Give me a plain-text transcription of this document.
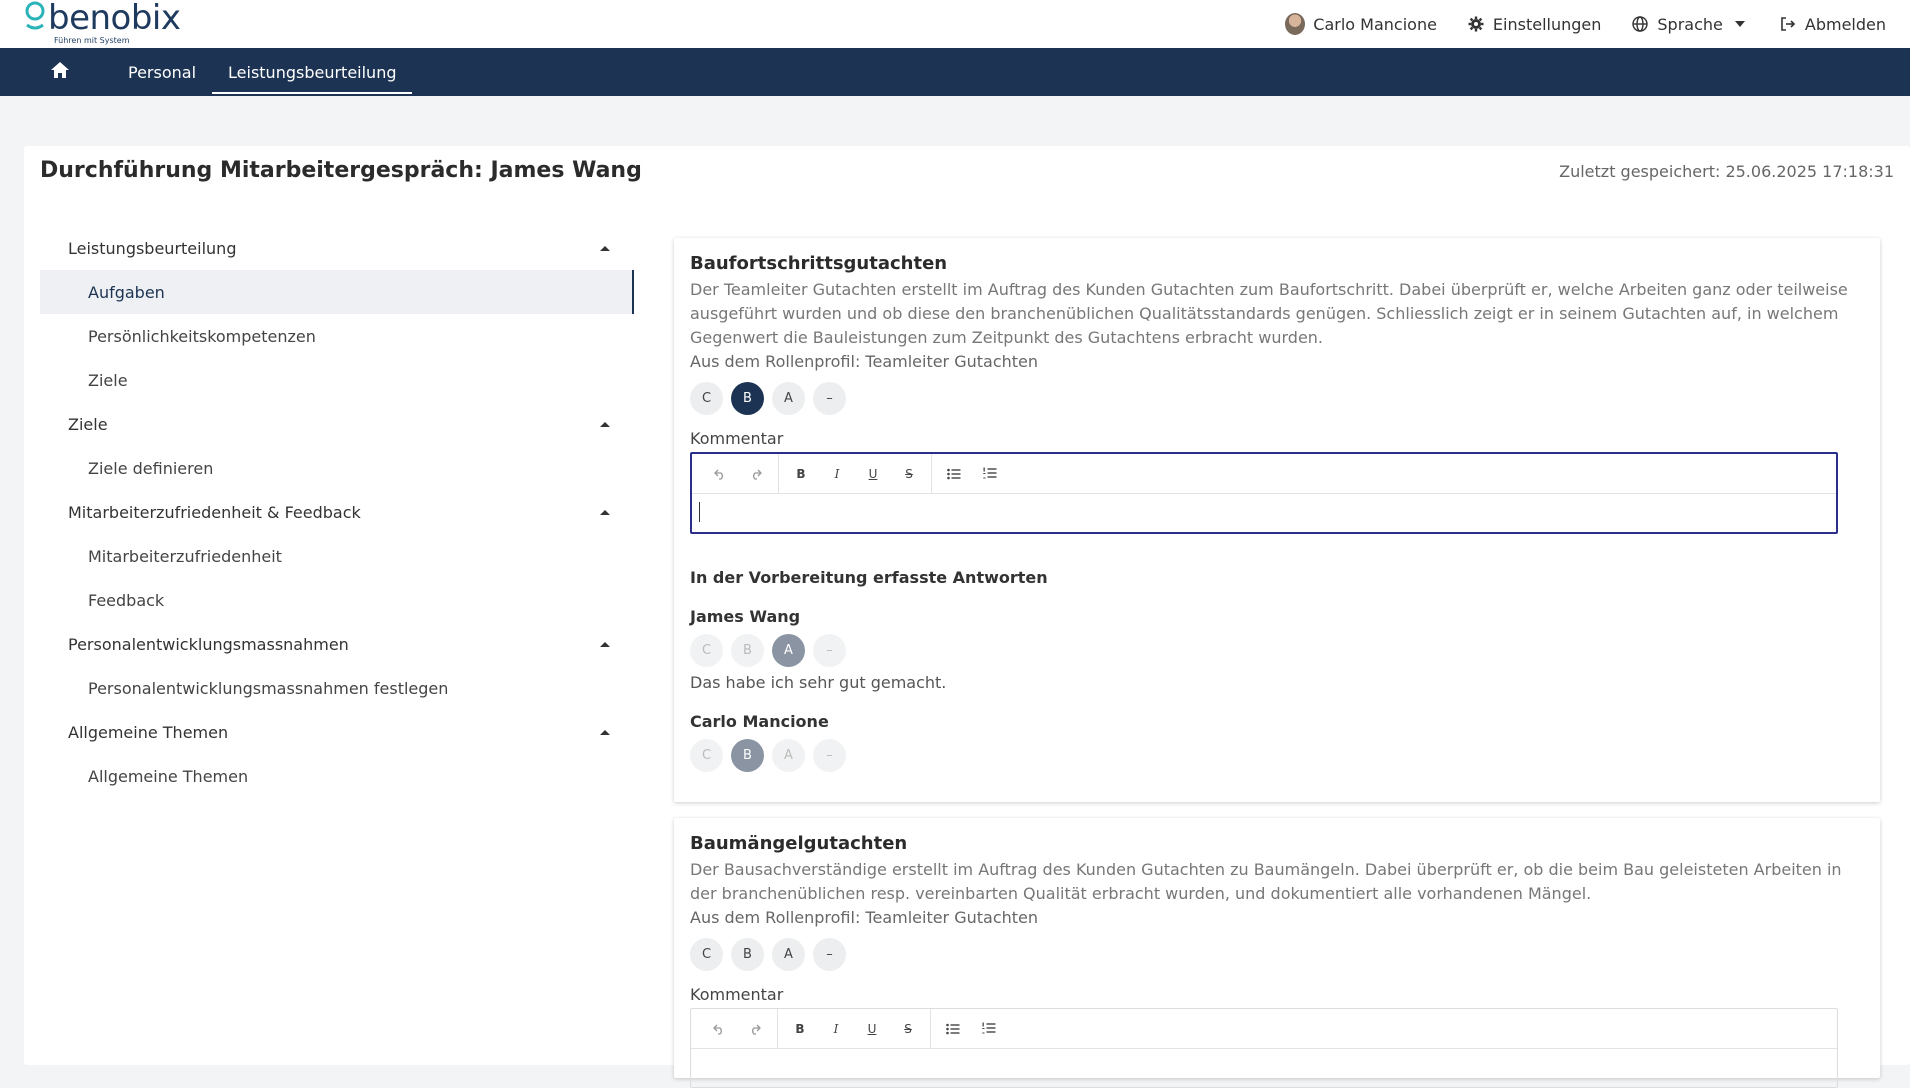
benobix
Führen mit System
Carlo Mancione	Einstellungen	Sprache	Abmelden
Personal	Leistungsbeurteilung
Durchführung Mitarbeitergespräch: James Wang	Zuletzt gespeichert: 25.06.2025 17:18:31
Leistungsbeurteilung
Aufgaben
Persönlichkeitskompetenzen
Ziele
Ziele
Ziele definieren
Mitarbeiterzufriedenheit & Feedback
Mitarbeiterzufriedenheit
Feedback
Personalentwicklungsmassnahmen
Personalentwicklungsmassnahmen festlegen
Allgemeine Themen
Allgemeine Themen
Baufortschrittsgutachten
Der Teamleiter Gutachten erstellt im Auftrag des Kunden Gutachten zum Baufortschritt. Dabei überprüft er, welche Arbeiten ganz oder teilweise ausgeführt wurden und ob diese den branchenüblichen Qualitätsstandards genügen. Schliesslich zeigt er in seinem Gutachten auf, in welchem Gegenwert die Bauleistungen zum Zeitpunkt des Gutachtens erbracht wurden.
Aus dem Rollenprofil: Teamleiter Gutachten
C	B	A	–
Kommentar
B I U S
In der Vorbereitung erfasste Antworten
James Wang
C	B	A	–
Das habe ich sehr gut gemacht.
Carlo Mancione
C	B	A	–
Baumängelgutachten
Der Bausachverständige erstellt im Auftrag des Kunden Gutachten zu Baumängeln. Dabei überprüft er, ob die beim Bau geleisteten Arbeiten in der branchenüblichen resp. vereinbarten Qualität erbracht wurden, und dokumentiert alle vorhandenen Mängel.
Aus dem Rollenprofil: Teamleiter Gutachten
C	B	A	–
Kommentar
B I U S
